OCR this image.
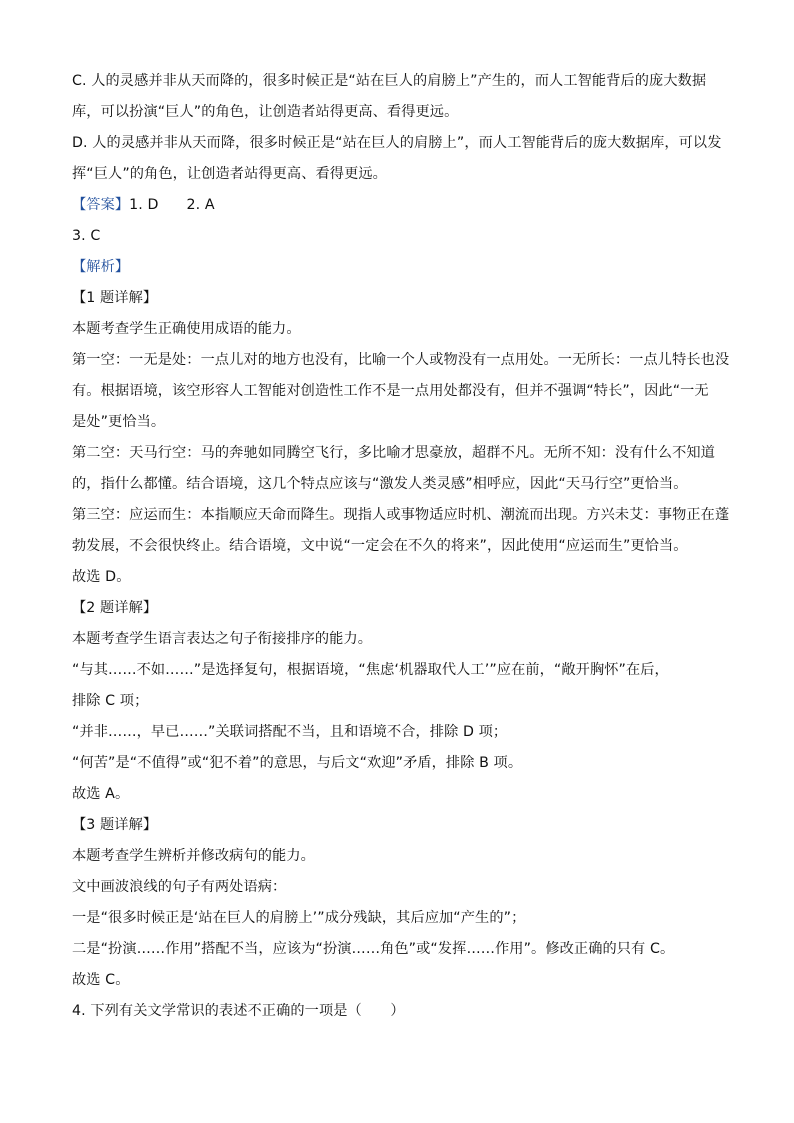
C. 人的灵感并非从天而降的，很多时候正是“站在巨人的肩膀上”产生的，而人工智能背后的庞大数据

库，可以扮演“巨人”的角色，让创造者站得更高、看得更远。

D. 人的灵感并非从天而降，很多时候正是“站在巨人的肩膀上”，而人工智能背后的庞大数据库，可以发

挥“巨人”的角色，让创造者站得更高、看得更远。

【答案】1. D 2. A

3. C

【解析】

【1 题详解】

本题考查学生正确使用成语的能力。

第一空：一无是处：一点儿对的地方也没有，比喻一个人或物没有一点用处。一无所长：一点儿特长也没

有。根据语境，该空形容人工智能对创造性工作不是一点用处都没有，但并不强调“特长”，因此“一无

是处”更恰当。

第二空：天马行空：马的奔驰如同腾空飞行，多比喻才思豪放，超群不凡。无所不知：没有什么不知道

的，指什么都懂。结合语境，这几个特点应该与“激发人类灵感”相呼应，因此“天马行空”更恰当。

第三空：应运而生：本指顺应天命而降生。现指人或事物适应时机、潮流而出现。方兴未艾：事物正在蓬

勃发展，不会很快终止。结合语境，文中说“一定会在不久的将来”，因此使用“应运而生”更恰当。

故选 D。

【2 题详解】

本题考查学生语言表达之句子衔接排序的能力。

“与其……不如……”是选择复句，根据语境，“焦虑‘机器取代人工’”应在前，“敞开胸怀”在后，

排除 C 项；

“并非……，早已……”关联词搭配不当，且和语境不合，排除 D 项；

“何苦”是“不值得”或“犯不着”的意思，与后文“欢迎”矛盾，排除 B 项。

故选 A。

【3 题详解】

本题考查学生辨析并修改病句的能力。

文中画波浪线的句子有两处语病：

一是“很多时候正是‘站在巨人的肩膀上’”成分残缺，其后应加“产生的”；

二是“扮演……作用”搭配不当，应该为“扮演……角色”或“发挥……作用”。修改正确的只有 C。

故选 C。

4. 下列有关文学常识的表述不正确的一项是（　　）
